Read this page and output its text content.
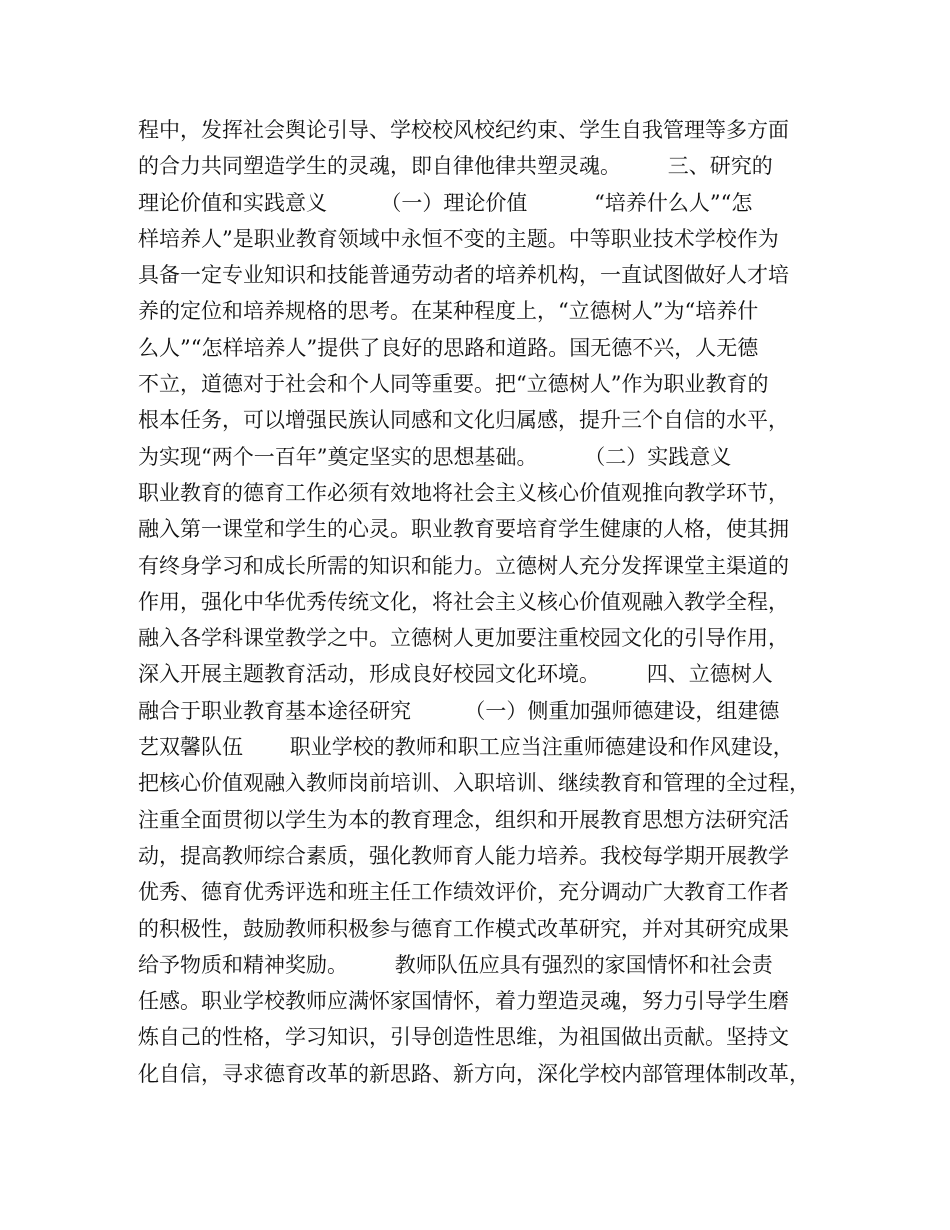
程中，发挥社会舆论引导、学校校风校纪约束、学生自我管理等多方面
的合力共同塑造学生的灵魂，即自律他律共塑灵魂。       三、研究的
理论价值和实践意义        （一）理论价值          “培养什么人”“怎
样培养人”是职业教育领域中永恒不变的主题。中等职业技术学校作为
具备一定专业知识和技能普通劳动者的培养机构，一直试图做好人才培
养的定位和培养规格的思考。在某种程度上，“立德树人”为“培养什
么人”“怎样培养人”提供了良好的思路和道路。国无德不兴，人无德
不立，道德对于社会和个人同等重要。把“立德树人”作为职业教育的
根本任务，可以增强民族认同感和文化归属感，提升三个自信的水平，
为实现“两个一百年”奠定坚实的思想基础。       （二）实践意义
职业教育的德育工作必须有效地将社会主义核心价值观推向教学环节，
融入第一课堂和学生的心灵。职业教育要培育学生健康的人格，使其拥
有终身学习和成长所需的知识和能力。立德树人充分发挥课堂主渠道的
作用，强化中华优秀传统文化，将社会主义核心价值观融入教学全程，
融入各学科课堂教学之中。立德树人更加要注重校园文化的引导作用，
深入开展主题教育活动，形成良好校园文化环境。       四、立德树人
融合于职业教育基本途径研究        （一）侧重加强师德建设，组建德
艺双馨队伍       职业学校的教师和职工应当注重师德建设和作风建设，
把核心价值观融入教师岗前培训、入职培训、继续教育和管理的全过程，
注重全面贯彻以学生为本的教育理念，组织和开展教育思想方法研究活
动，提高教师综合素质，强化教师育人能力培养。我校每学期开展教学
优秀、德育优秀评选和班主任工作绩效评价，充分调动广大教育工作者
的积极性，鼓励教师积极参与德育工作模式改革研究，并对其研究成果
给予物质和精神奖励。       教师队伍应具有强烈的家国情怀和社会责
任感。职业学校教师应满怀家国情怀，着力塑造灵魂，努力引导学生磨
炼自己的性格，学习知识，引导创造性思维，为祖国做出贡献。坚持文
化自信，寻求德育改革的新思路、新方向，深化学校内部管理体制改革，
